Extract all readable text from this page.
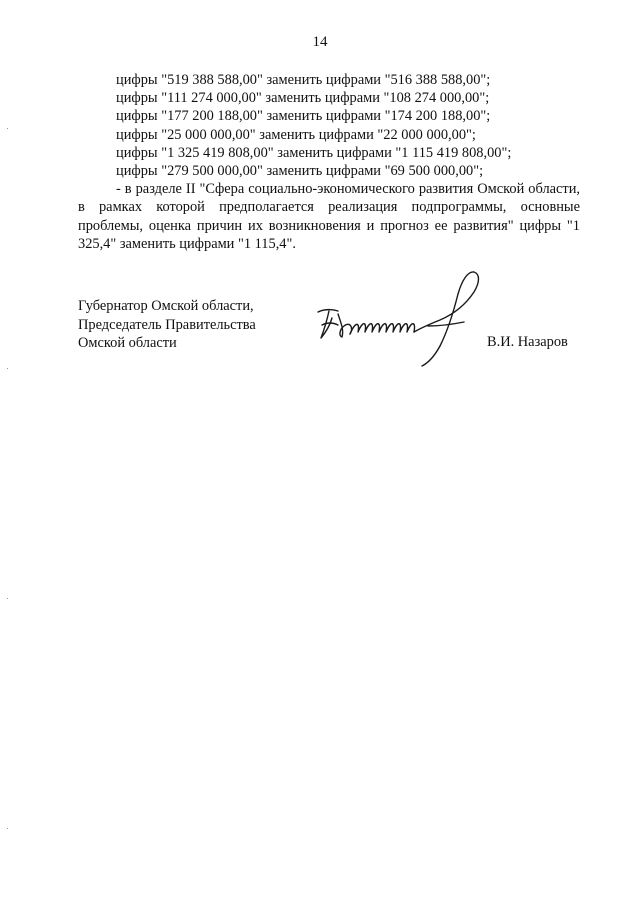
14
цифры "519 388 588,00" заменить цифрами "516 388 588,00";
цифры "111 274 000,00" заменить цифрами "108 274 000,00";
цифры "177 200 188,00" заменить цифрами "174 200 188,00";
цифры "25 000 000,00" заменить цифрами "22 000 000,00";
цифры "1 325 419 808,00" заменить цифрами "1 115 419 808,00";
цифры "279 500 000,00" заменить цифрами "69 500 000,00";

- в разделе II "Сфера социально-экономического развития Омской области, в рамках которой предполагается реализация подпрограммы, основные проблемы, оценка причин их возникновения и прогноз ее развития" цифры "1 325,4" заменить цифрами "1 115,4".

Губернатор Омской области,
Председатель Правительства
Омской области	В.И. Назаров
